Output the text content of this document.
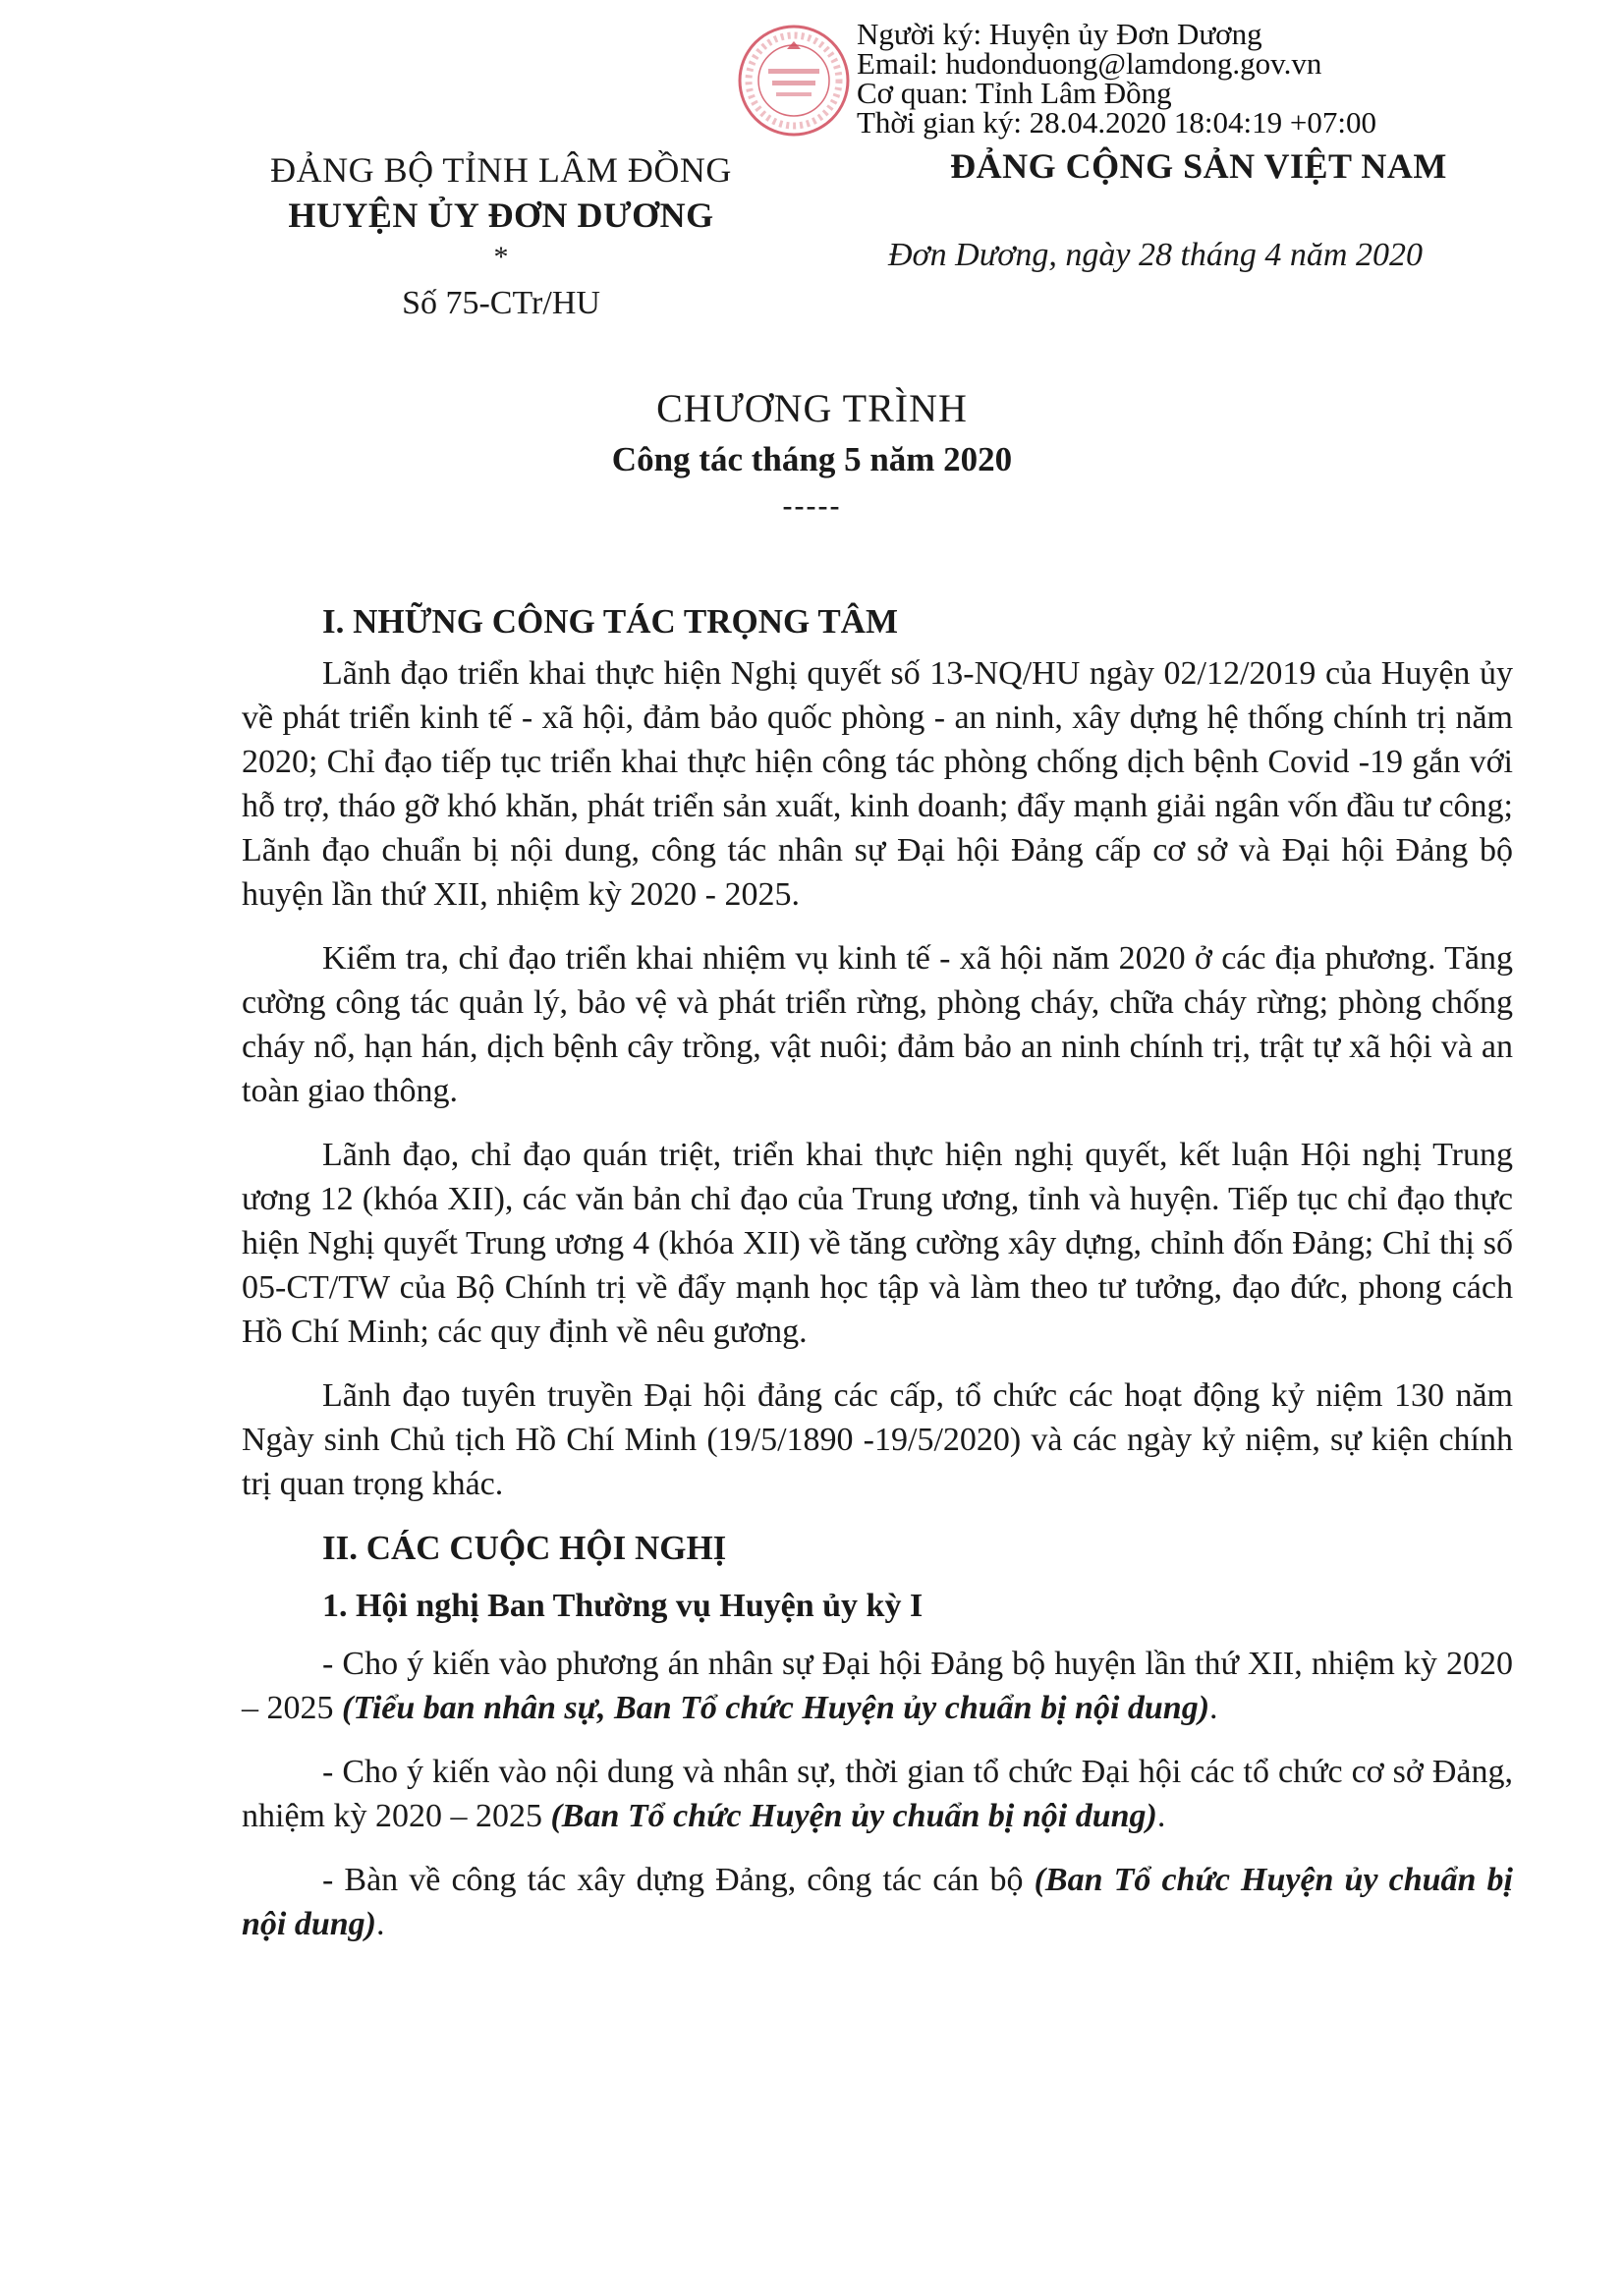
Người ký: Huyện ủy Đơn Dương
Email: hudonduong@lamdong.gov.vn
Cơ quan: Tỉnh Lâm Đồng
Thời gian ký: 28.04.2020 18:04:19 +07:00
ĐẢNG BỘ TỈNH LÂM ĐỒNG
HUYỆN ỦY ĐƠN DƯƠNG
*
Số 75-CTr/HU
ĐẢNG CỘNG SẢN VIỆT NAM
Đơn Dương, ngày 28 tháng 4 năm 2020
CHƯƠNG TRÌNH
Công tác tháng 5 năm 2020
-----
I. NHỮNG CÔNG TÁC TRỌNG TÂM

Lãnh đạo triển khai thực hiện Nghị quyết số 13-NQ/HU ngày 02/12/2019 của Huyện ủy về phát triển kinh tế - xã hội, đảm bảo quốc phòng - an ninh, xây dựng hệ thống chính trị năm 2020; Chỉ đạo tiếp tục triển khai thực hiện công tác phòng chống dịch bệnh Covid -19 gắn với hỗ trợ, tháo gỡ khó khăn, phát triển sản xuất, kinh doanh; đẩy mạnh giải ngân vốn đầu tư công; Lãnh đạo chuẩn bị nội dung, công tác nhân sự Đại hội Đảng cấp cơ sở và Đại hội Đảng bộ huyện lần thứ XII, nhiệm kỳ 2020 - 2025.

Kiểm tra, chỉ đạo triển khai nhiệm vụ kinh tế - xã hội năm 2020 ở các địa phương. Tăng cường công tác quản lý, bảo vệ và phát triển rừng, phòng cháy, chữa cháy rừng; phòng chống cháy nổ, hạn hán, dịch bệnh cây trồng, vật nuôi; đảm bảo an ninh chính trị, trật tự xã hội và an toàn giao thông.

Lãnh đạo, chỉ đạo quán triệt, triển khai thực hiện nghị quyết, kết luận Hội nghị Trung ương 12 (khóa XII), các văn bản chỉ đạo của Trung ương, tỉnh và huyện. Tiếp tục chỉ đạo thực hiện Nghị quyết Trung ương 4 (khóa XII) về tăng cường xây dựng, chỉnh đốn Đảng; Chỉ thị số 05-CT/TW của Bộ Chính trị về đẩy mạnh học tập và làm theo tư tưởng, đạo đức, phong cách Hồ Chí Minh; các quy định về nêu gương.

Lãnh đạo tuyên truyền Đại hội đảng các cấp, tổ chức các hoạt động kỷ niệm 130 năm Ngày sinh Chủ tịch Hồ Chí Minh (19/5/1890 -19/5/2020) và các ngày kỷ niệm, sự kiện chính trị quan trọng khác.

II. CÁC CUỘC HỘI NGHỊ
1. Hội nghị Ban Thường vụ Huyện ủy kỳ I

- Cho ý kiến vào phương án nhân sự Đại hội Đảng bộ huyện lần thứ XII, nhiệm kỳ 2020 – 2025 (Tiểu ban nhân sự, Ban Tổ chức Huyện ủy chuẩn bị nội dung).

- Cho ý kiến vào nội dung và nhân sự, thời gian tổ chức Đại hội các tổ chức cơ sở Đảng, nhiệm kỳ 2020 – 2025 (Ban Tổ chức Huyện ủy chuẩn bị nội dung).

- Bàn về công tác xây dựng Đảng, công tác cán bộ (Ban Tổ chức Huyện ủy chuẩn bị nội dung).
